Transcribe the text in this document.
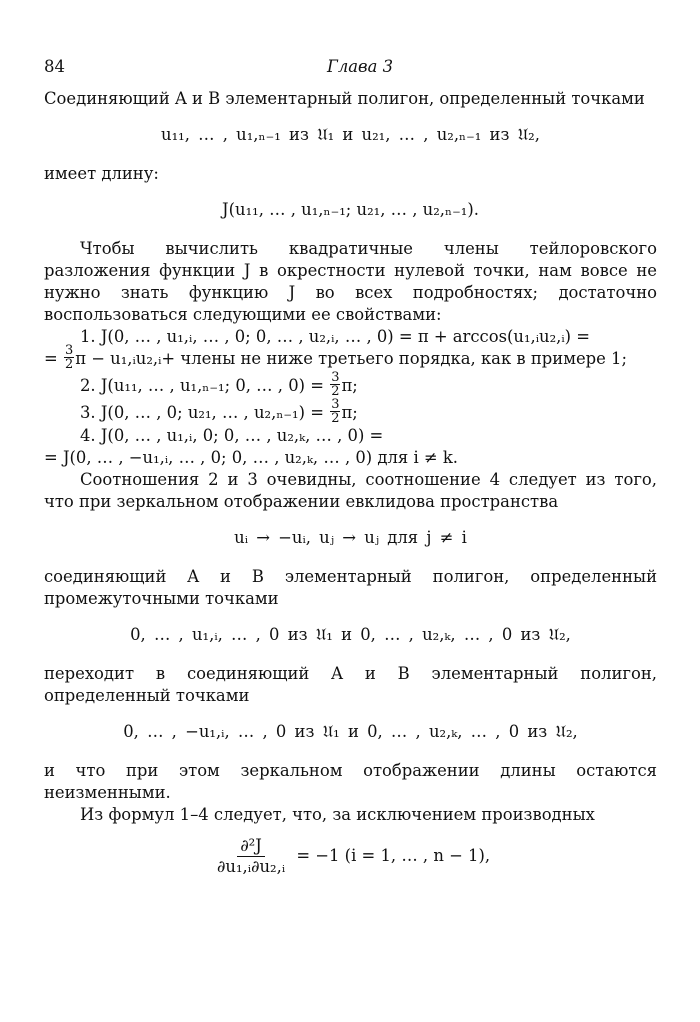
84	Глава 3

Соединяющий A и B элементарный полигон, определенный точками

u₁₁, … , u₁,ₙ₋₁ из 𝔘₁ и u₂₁, … , u₂,ₙ₋₁ из 𝔘₂,

имеет длину:

J(u₁₁, … , u₁,ₙ₋₁; u₂₁, … , u₂,ₙ₋₁).

Чтобы вычислить квадратичные члены тейлоровского разложения функции J в окрестности нулевой точки, нам вовсе не нужно знать функцию J во всех подробностях; достаточно воспользоваться следующими ее свойствами:

1. J(0, … , u₁,ᵢ, … , 0; 0, … , u₂,ᵢ, … , 0) = π + arccos(u₁,ᵢu₂,ᵢ) =
= $\frac{3}{2}$ π − u₁,ᵢu₂,ᵢ+ члены не ниже третьего порядка, как в примере 1;
2. J(u₁₁, … , u₁,ₙ₋₁; 0, … , $0) = \frac{3}{2} \pi$;
3. J(0, … , 0; u₂₁, … , $u_2,_{n-1}) = \frac{3}{2} \pi$;
4. J(0, … , u₁,ᵢ, 0; 0, … , u₂,ₖ, … , 0) =
= J(0, … , −u₁,ᵢ, … , 0; 0, … , u₂,ₖ, … , 0) для i ≠ k.

Соотношения 2 и 3 очевидны, соотношение 4 следует из того, что при зеркальном отображении евклидова пространства

uᵢ → −uᵢ, uⱼ → uⱼ для j ≠ i

соединяющий A и B элементарный полигон, определенный промежуточными точками

0, … , u₁,ᵢ, … , 0 из 𝔘₁ и 0, … , u₂,ₖ, … , 0 из 𝔘₂,

переходит в соединяющий A и B элементарный полигон, определенный точками

0, … , −u₁,ᵢ, … , 0 из 𝔘₁ и 0, … , u₂,ₖ, … , 0 из 𝔘₂,

и что при этом зеркальном отображении длины остаются неизменными.

Из формул 1–4 следует, что, за исключением производных

$\frac{\text{∂²J}}{\text{∂u₁,ᵢ∂u₂,ᵢ}} = -1$ (i = 1, … , n − 1),
